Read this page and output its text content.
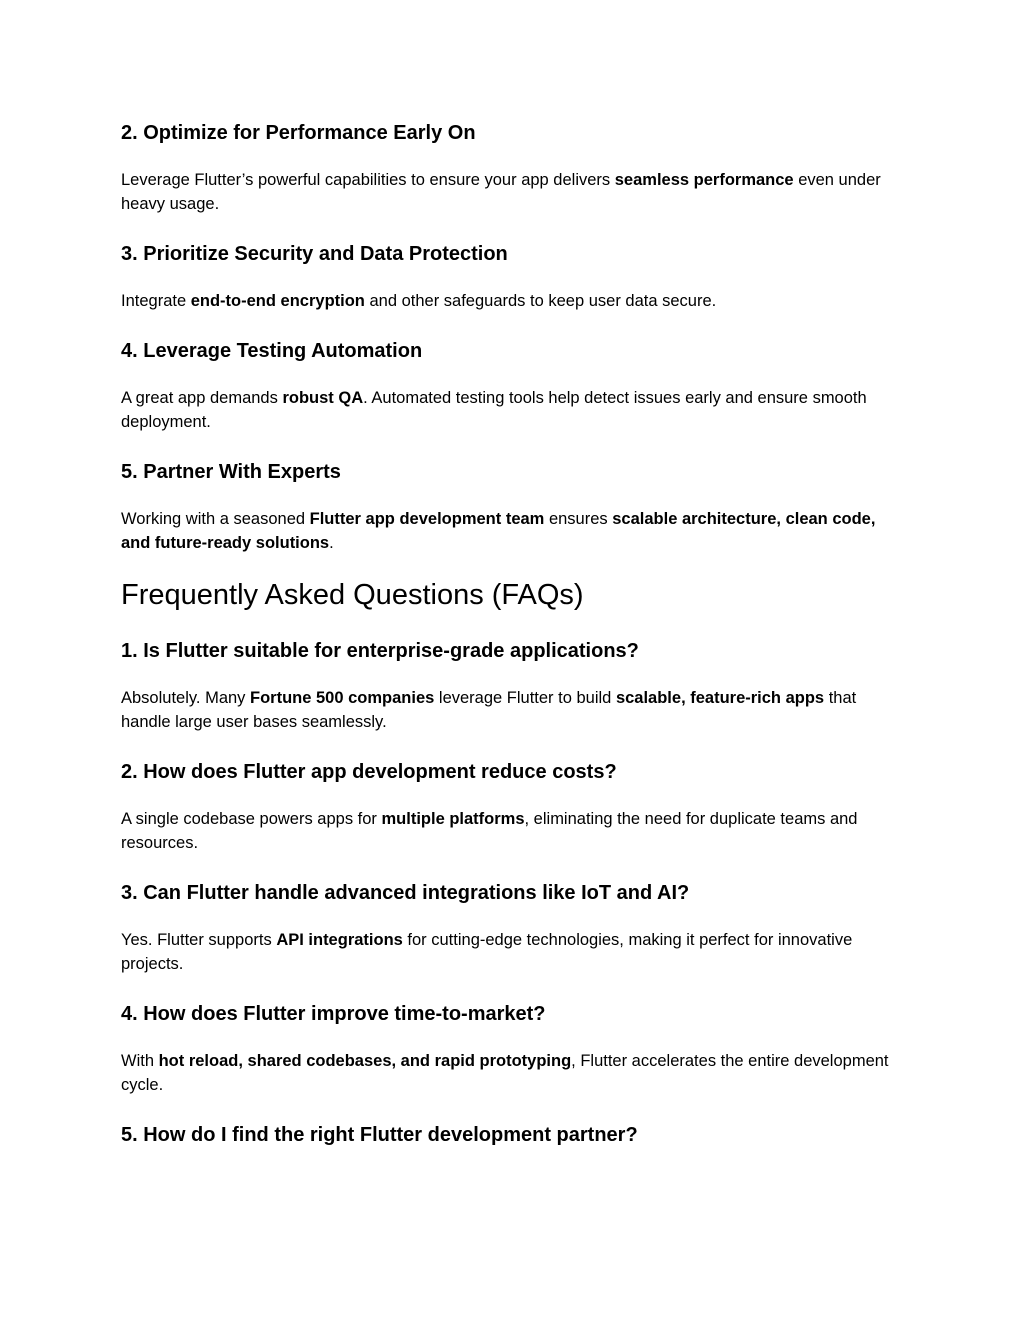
2. Optimize for Performance Early On

Leverage Flutter’s powerful capabilities to ensure your app delivers seamless performance even under heavy usage.

3. Prioritize Security and Data Protection

Integrate end-to-end encryption and other safeguards to keep user data secure.

4. Leverage Testing Automation

A great app demands robust QA. Automated testing tools help detect issues early and ensure smooth deployment.

5. Partner With Experts

Working with a seasoned Flutter app development team ensures scalable architecture, clean code, and future-ready solutions.

Frequently Asked Questions (FAQs)
1. Is Flutter suitable for enterprise-grade applications?

Absolutely. Many Fortune 500 companies leverage Flutter to build scalable, feature-rich apps that handle large user bases seamlessly.

2. How does Flutter app development reduce costs?

A single codebase powers apps for multiple platforms, eliminating the need for duplicate teams and resources.

3. Can Flutter handle advanced integrations like IoT and AI?

Yes. Flutter supports API integrations for cutting-edge technologies, making it perfect for innovative projects.

4. How does Flutter improve time-to-market?

With hot reload, shared codebases, and rapid prototyping, Flutter accelerates the entire development cycle.

5. How do I find the right Flutter development partner?
